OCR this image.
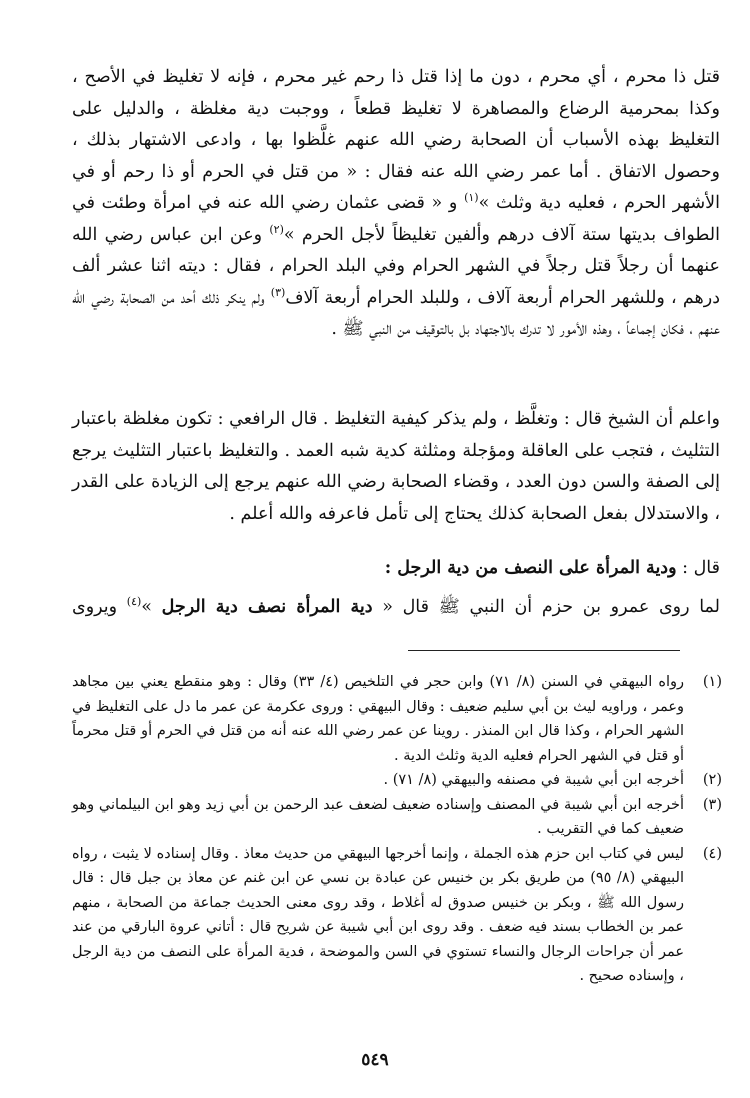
قتل ذا محرم ، أي محرم ، دون ما إذا قتل ذا رحم غير محرم ، فإنه لا تغليظ في الأصح ، وكذا بمحرمية الرضاع والمصاهرة لا تغليظ قطعاً ، ووجبت دية مغلظة ، والدليل على التغليظ بهذه الأسباب أن الصحابة رضي الله عنهم غلَّظوا بها ، وادعى الاشتهار بذلك ، وحصول الاتفاق . أما عمر رضي الله عنه فقال : « من قتل في الحرم أو ذا رحم أو في الأشهر الحرم ، فعليه دية وثلث »$^{(١)}$ و « قضى عثمان رضي الله عنه في امرأة وطئت في الطواف بديتها ستة آلاف درهم وألفين تغليظاً لأجل الحرم »$^{(٢)}$ وعن ابن عباس رضي الله عنهما أن رجلاً قتل رجلاً في الشهر الحرام وفي البلد الحرام ، فقال : ديته اثنا عشر ألف درهم ، وللشهر الحرام أربعة آلاف ، وللبلد الحرام أربعة آلاف$^{(٣)}$ ولم ينكر ذلك أحد من الصحابة رضي الله عنهم ، فكان إجماعاً ، وهذه الأمور لا تدرك بالاجتهاد بل بالتوقيف من النبي ﷺ .

واعلم أن الشيخ قال : وتغلَّظ ، ولم يذكر كيفية التغليظ . قال الرافعي : تكون مغلظة باعتبار التثليث ، فتجب على العاقلة ومؤجلة ومثلثة كدية شبه العمد . والتغليظ باعتبار التثليث يرجع إلى الصفة والسن دون العدد ، وقضاء الصحابة رضي الله عنهم يرجع إلى الزيادة على القدر ، والاستدلال بفعل الصحابة كذلك يحتاج إلى تأمل فاعرفه والله أعلم .

قال : ودية المرأة على النصف من دية الرجل :

لما روى عمرو بن حزم أن النبي ﷺ قال « دية المرأة نصف دية الرجل »$^{(٤)}$ ويروى

(١)
رواه البيهقي في السنن (٨/ ٧١) وابن حجر في التلخيص (٤/ ٣٣) وقال : وهو منقطع يعني بين مجاهد وعمر ، وراويه ليث بن أبي سليم ضعيف : وقال البيهقي : وروى عكرمة عن عمر ما دل على التغليظ في الشهر الحرام ، وكذا قال ابن المنذر . روينا عن عمر رضي الله عنه أنه من قتل في الحرم أو قتل محرماً أو قتل في الشهر الحرام فعليه الدية وثلث الدية .
(٢)
أخرجه ابن أبي شيبة في مصنفه والبيهقي (٨/ ٧١) .
(٣)
أخرجه ابن أبي شيبة في المصنف وإسناده ضعيف لضعف عبد الرحمن بن أبي زيد وهو ابن البيلماني وهو ضعيف كما في التقريب .
(٤)
ليس في كتاب ابن حزم هذه الجملة ، وإنما أخرجها البيهقي من حديث معاذ . وقال إسناده لا يثبت ، رواه البيهقي (٨/ ٩٥) من طريق بكر بن خنيس عن عبادة بن نسي عن ابن غنم عن معاذ بن جبل قال : قال رسول الله ﷺ ، وبكر بن خنيس صدوق له أغلاط ، وقد روى معنى الحديث جماعة من الصحابة ، منهم عمر بن الخطاب بسند فيه ضعف . وقد روى ابن أبي شيبة عن شريح قال : أتاني عروة البارقي من عند عمر أن جراحات الرجال والنساء تستوي في السن والموضحة ، فدية المرأة على النصف من دية الرجل ، وإسناده صحيح .
٥٤٩
